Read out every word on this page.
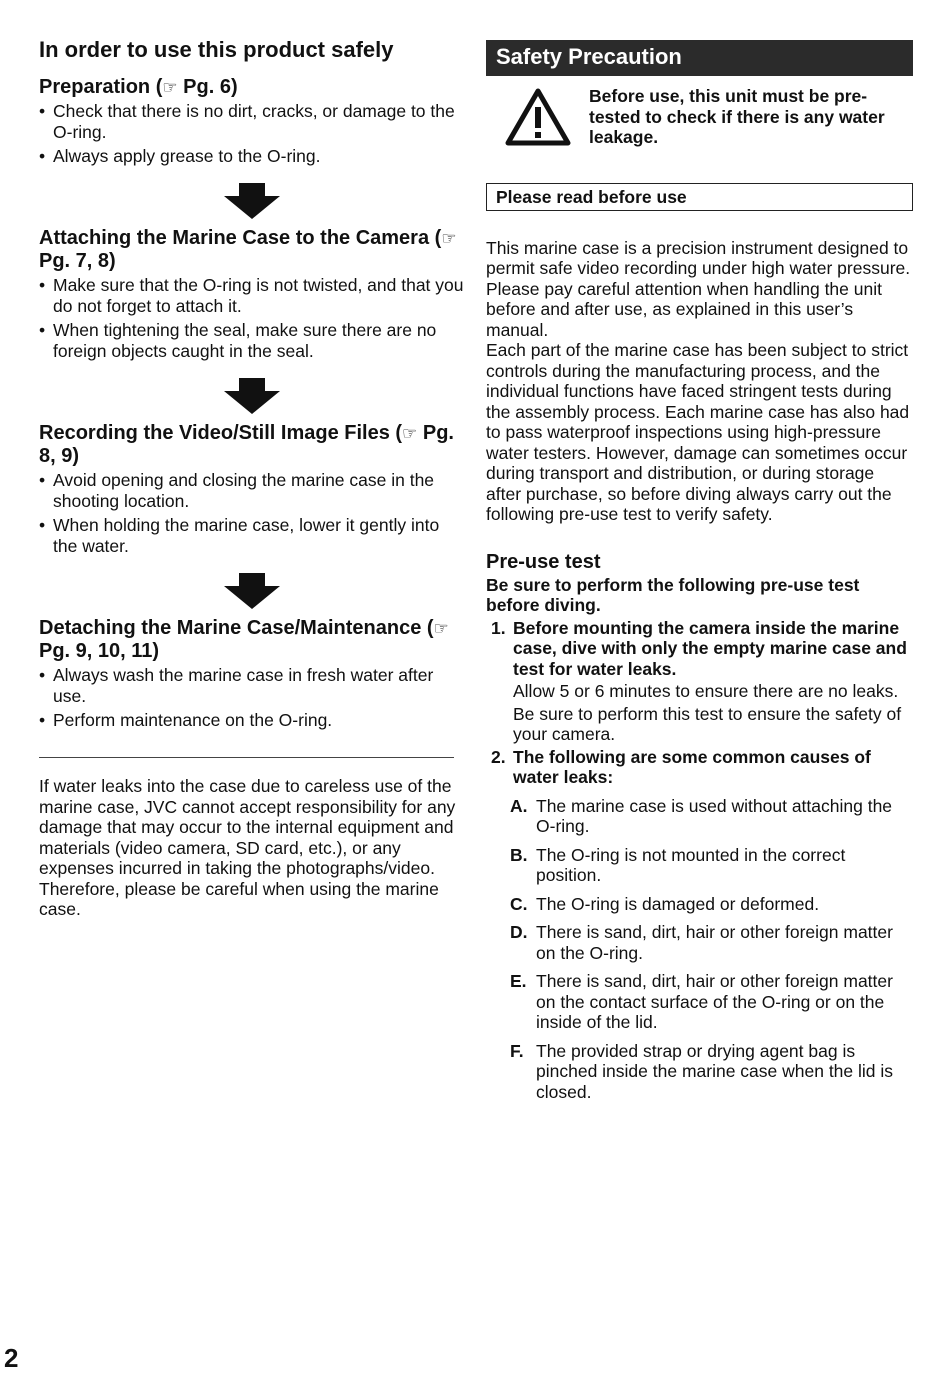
In order to use this product safely
Preparation (☞ Pg. 6)
• Check that there is no dirt, cracks, or damage to the O-ring.
• Always apply grease to the O-ring.
Attaching the Marine Case to the Camera (☞ Pg. 7, 8)
• Make sure that the O-ring is not twisted, and that you do not forget to attach it.
• When tightening the seal, make sure there are no foreign objects caught in the seal.
Recording the Video/Still Image Files (☞ Pg. 8, 9)
• Avoid opening and closing the marine case in the shooting location.
• When holding the marine case, lower it gently into the water.
Detaching the Marine Case/Maintenance (☞ Pg. 9, 10, 11)
• Always wash the marine case in fresh water after use.
• Perform maintenance on the O-ring.

If water leaks into the case due to careless use of the marine case, JVC cannot accept responsibility for any damage that may occur to the internal equipment and materials (video camera, SD card, etc.), or any expenses incurred in taking the photographs/video. Therefore, please be careful when using the marine case.

Safety Precaution
Before use, this unit must be pre-tested to check if there is any water leakage.
Please read before use

This marine case is a precision instrument designed to permit safe video recording under high water pressure. Please pay careful attention when handling the unit before and after use, as explained in this user’s manual.

Each part of the marine case has been subject to strict controls during the manufacturing process, and the individual functions have faced stringent tests during the assembly process. Each marine case has also had to pass waterproof inspections using high-pressure water testers. However, damage can sometimes occur during transport and distribution, or during storage after purchase, so before diving always carry out the following pre-use test to verify safety.

Pre-use test

Be sure to perform the following pre-use test before diving.

1. Before mounting the camera inside the marine case, dive with only the empty marine case and test for water leaks.
Allow 5 or 6 minutes to ensure there are no leaks.
Be sure to perform this test to ensure the safety of your camera.
2. The following are some common causes of water leaks:
A. The marine case is used without attaching the O-ring.
B. The O-ring is not mounted in the correct position.
C. The O-ring is damaged or deformed.
D. There is sand, dirt, hair or other foreign matter on the O-ring.
E. There is sand, dirt, hair or other foreign matter on the contact surface of the O-ring or on the inside of the lid.
F. The provided strap or drying agent bag is pinched inside the marine case when the lid is closed.
2
